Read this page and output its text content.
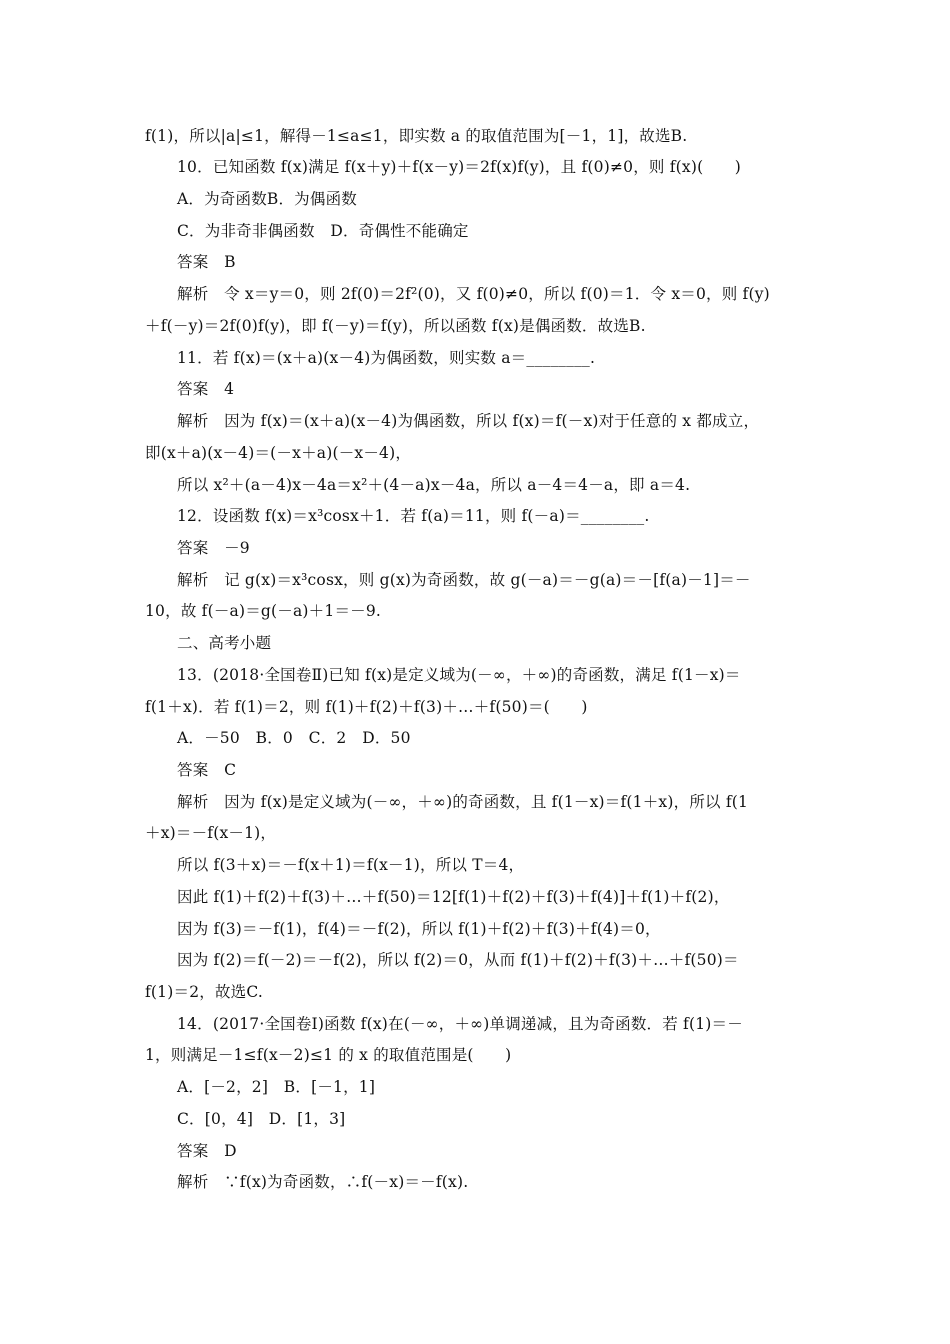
f(1)，所以|a|≤1，解得－1≤a≤1，即实数 a 的取值范围为[－1，1]，故选B.
10．已知函数 f(x)满足 f(x＋y)＋f(x－y)＝2f(x)f(y)，且 f(0)≠0，则 f(x)(　　)
A．为奇函数B．为偶函数
C．为非奇非偶函数　D．奇偶性不能确定
答案　B
解析　令 x＝y＝0，则 2f(0)＝2f²(0)，又 f(0)≠0，所以 f(0)＝1．令 x＝0，则 f(y)
＋f(－y)＝2f(0)f(y)，即 f(－y)＝f(y)，所以函数 f(x)是偶函数．故选B.
11．若 f(x)＝(x＋a)(x－4)为偶函数，则实数 a＝________.
答案　4
解析　因为 f(x)＝(x＋a)(x－4)为偶函数，所以 f(x)＝f(－x)对于任意的 x 都成立，
即(x＋a)(x－4)＝(－x＋a)(－x－4)，
所以 x²＋(a－4)x－4a＝x²＋(4－a)x－4a，所以 a－4＝4－a，即 a＝4.
12．设函数 f(x)＝x³cosx＋1．若 f(a)＝11，则 f(－a)＝________.
答案　－9
解析　记 g(x)＝x³cosx，则 g(x)为奇函数，故 g(－a)＝－g(a)＝－[f(a)－1]＝－
10，故 f(－a)＝g(－a)＋1＝－9.
二、高考小题
13．(2018·全国卷Ⅱ)已知 f(x)是定义域为(－∞，＋∞)的奇函数，满足 f(1－x)＝
f(1＋x)．若 f(1)＝2，则 f(1)＋f(2)＋f(3)＋…＋f(50)＝(　　)
A．－50　B．0　C．2　D．50
答案　C
解析　因为 f(x)是定义域为(－∞，＋∞)的奇函数，且 f(1－x)＝f(1＋x)，所以 f(1
＋x)＝－f(x－1)，
所以 f(3＋x)＝－f(x＋1)＝f(x－1)，所以 T＝4，
因此 f(1)＋f(2)＋f(3)＋…＋f(50)＝12[f(1)＋f(2)＋f(3)＋f(4)]＋f(1)＋f(2)，
因为 f(3)＝－f(1)，f(4)＝－f(2)，所以 f(1)＋f(2)＋f(3)＋f(4)＝0，
因为 f(2)＝f(－2)＝－f(2)，所以 f(2)＝0，从而 f(1)＋f(2)＋f(3)＋…＋f(50)＝
f(1)＝2，故选C.
14．(2017·全国卷Ⅰ)函数 f(x)在(－∞，＋∞)单调递减，且为奇函数．若 f(1)＝－
1，则满足－1≤f(x－2)≤1 的 x 的取值范围是(　　)
A．[－2，2]　B．[－1，1]
C．[0，4]　D．[1，3]
答案　D
解析　∵f(x)为奇函数，∴f(－x)＝－f(x).
